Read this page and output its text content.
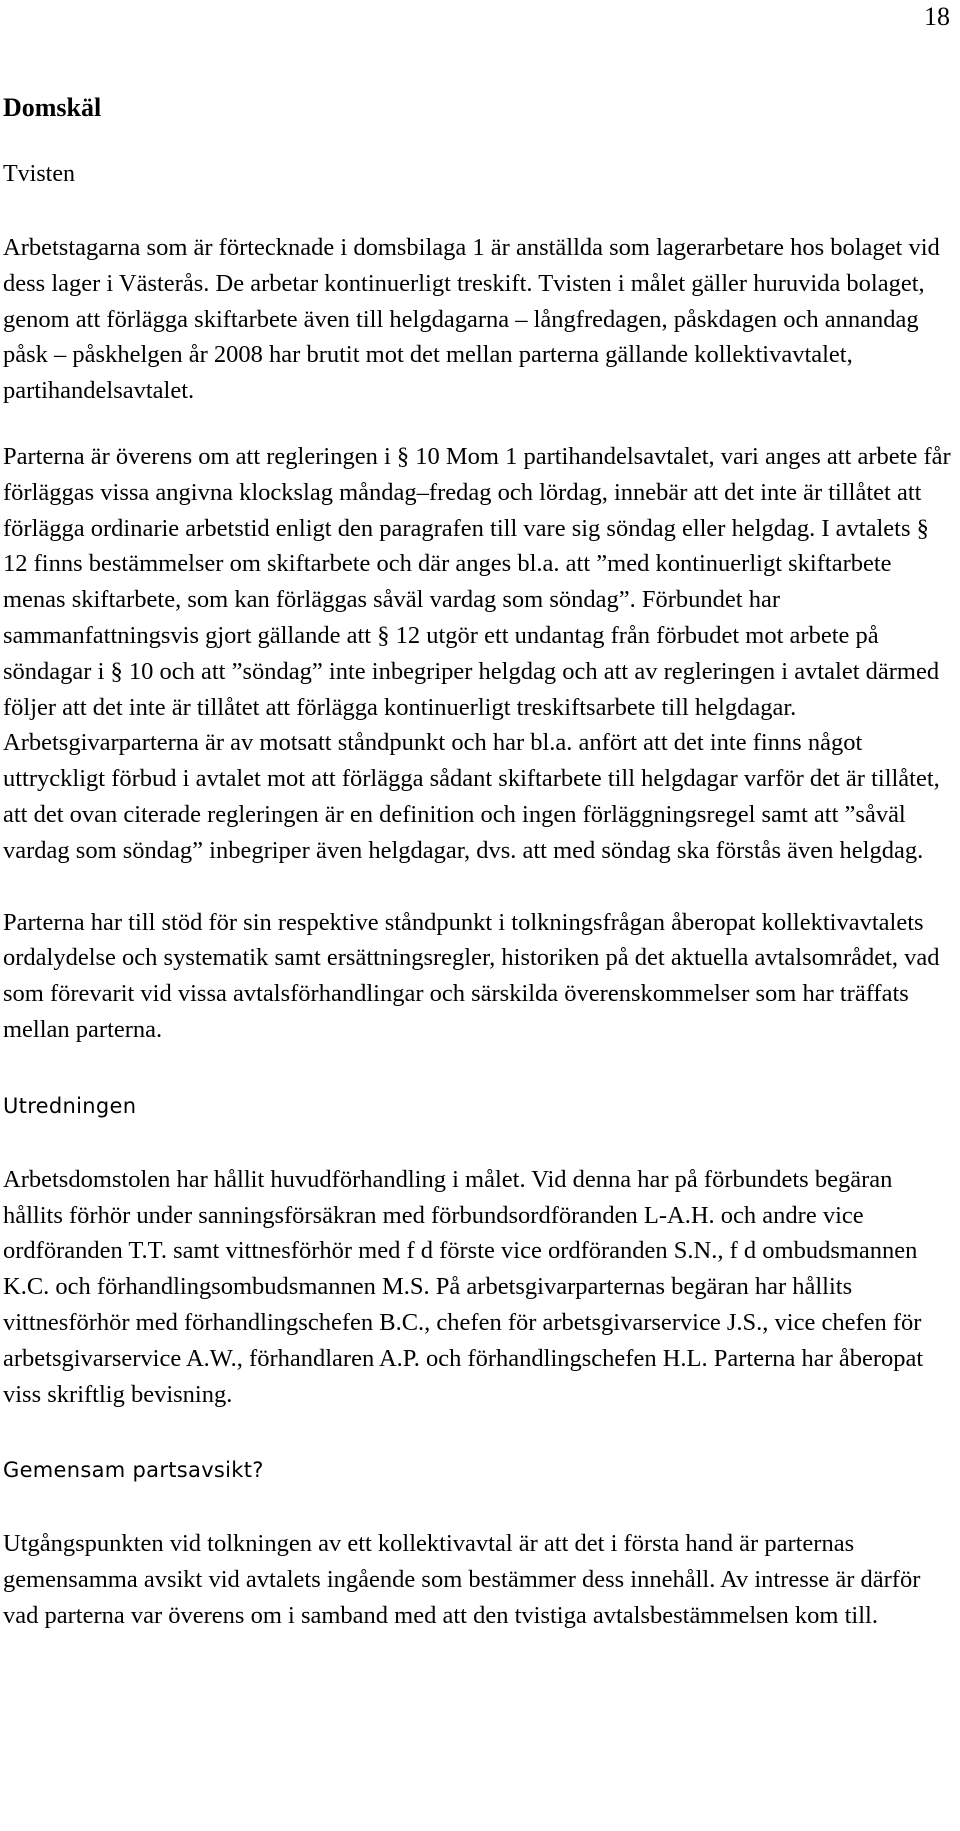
18
Domskäl
Tvisten

Arbetstagarna som är förtecknade i domsbilaga 1 är anställda som lagerarbetare hos bolaget vid dess lager i Västerås. De arbetar kontinuerligt treskift. Tvisten i målet gäller huruvida bolaget, genom att förlägga skiftarbete även till helgdagarna – långfredagen, påskdagen och annandag påsk – påskhelgen år 2008 har brutit mot det mellan parterna gällande kollektivavtalet, partihandelsavtalet.

Parterna är överens om att regleringen i § 10 Mom 1 partihandelsavtalet, vari anges att arbete får förläggas vissa angivna klockslag måndag–fredag och lördag, innebär att det inte är tillåtet att förlägga ordinarie arbetstid enligt den paragrafen till vare sig söndag eller helgdag. I avtalets § 12 finns bestämmelser om skiftarbete och där anges bl.a. att ”med kontinuerligt skiftarbete menas skiftarbete, som kan förläggas såväl vardag som söndag”. Förbundet har sammanfattningsvis gjort gällande att § 12 utgör ett undantag från förbudet mot arbete på söndagar i § 10 och att ”söndag” inte inbegriper helgdag och att av regleringen i avtalet därmed följer att det inte är tillåtet att förlägga kontinuerligt treskiftsarbete till helgdagar. Arbetsgivarparterna är av motsatt ståndpunkt och har bl.a. anfört att det inte finns något uttryckligt förbud i avtalet mot att förlägga sådant skiftarbete till helgdagar varför det är tillåtet, att det ovan citerade regleringen är en definition och ingen förläggningsregel samt att ”såväl vardag som söndag” inbegriper även helgdagar, dvs. att med söndag ska förstås även helgdag.

Parterna har till stöd för sin respektive ståndpunkt i tolkningsfrågan åberopat kollektivavtalets ordalydelse och systematik samt ersättningsregler, historiken på det aktuella avtalsområdet, vad som förevarit vid vissa avtalsförhandlingar och särskilda överenskommelser som har träffats mellan parterna.

Utredningen

Arbetsdomstolen har hållit huvudförhandling i målet. Vid denna har på förbundets begäran hållits förhör under sanningsförsäkran med förbundsordföranden L-A.H. och andre vice ordföranden T.T. samt vittnesförhör med f d förste vice ordföranden S.N., f d ombudsmannen K.C. och förhandlingsombudsmannen M.S. På arbetsgivarparternas begäran har hållits vittnesförhör med förhandlingschefen B.C., chefen för arbetsgivarservice J.S., vice chefen för arbetsgivarservice A.W., förhandlaren A.P. och förhandlingschefen H.L. Parterna har åberopat viss skriftlig bevisning.

Gemensam partsavsikt?

Utgångspunkten vid tolkningen av ett kollektivavtal är att det i första hand är parternas gemensamma avsikt vid avtalets ingående som bestämmer dess innehåll. Av intresse är därför vad parterna var överens om i samband med att den tvistiga avtalsbestämmelsen kom till.
